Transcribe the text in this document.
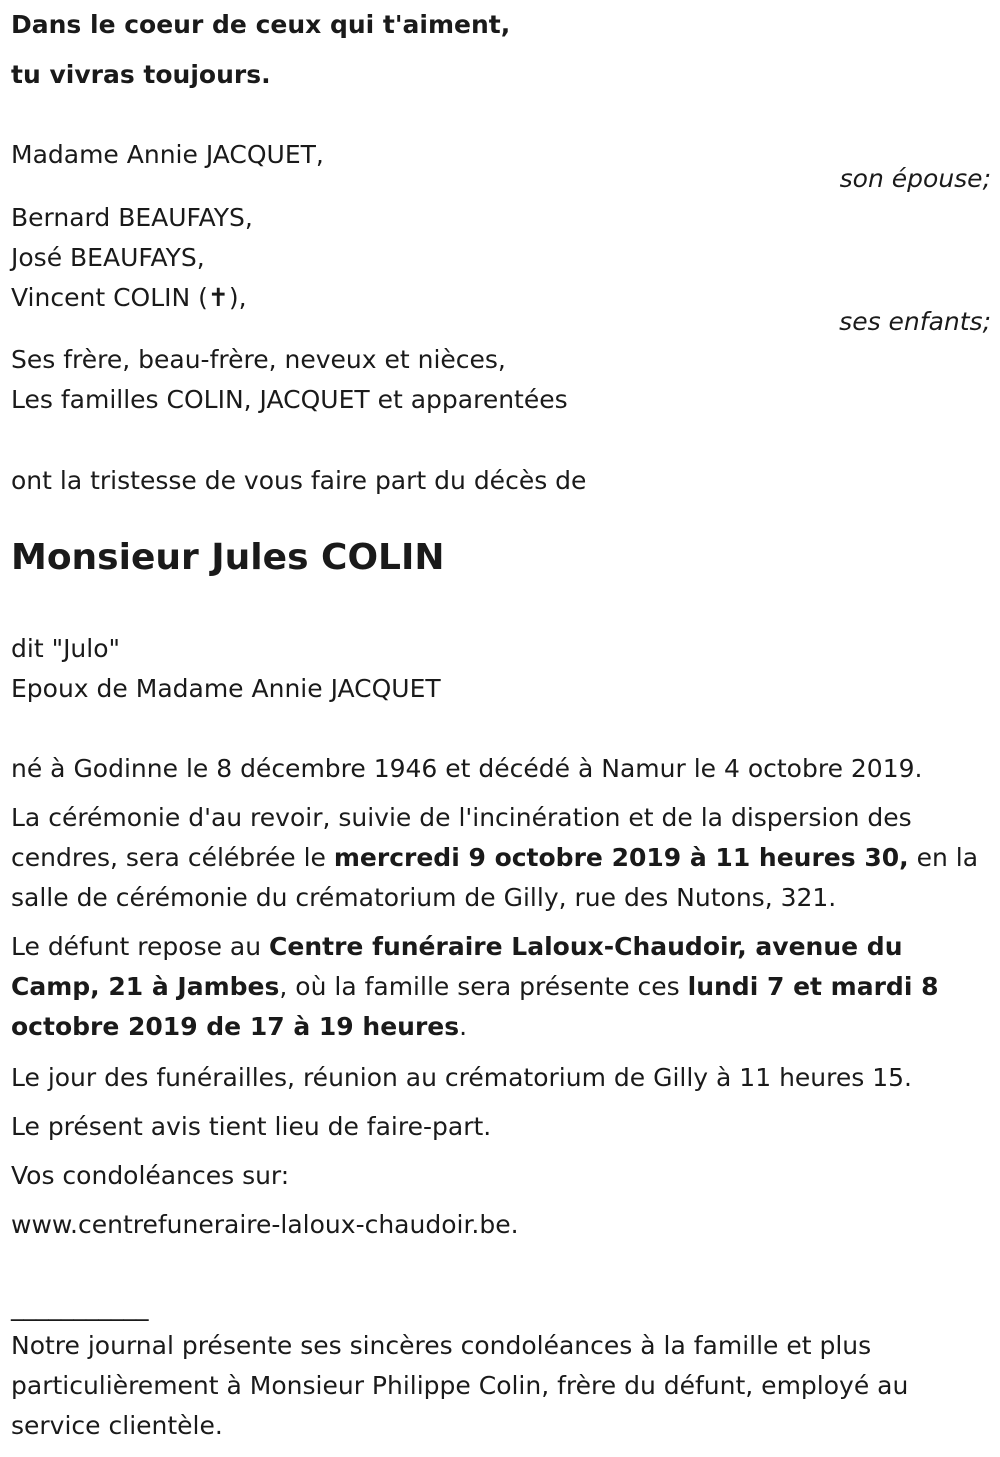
Dans le coeur de ceux qui t'aiment,
tu vivras toujours.
Madame Annie JACQUET,
son épouse;
Bernard BEAUFAYS,
José BEAUFAYS,
Vincent COLIN (✝),
ses enfants;
Ses frère, beau-frère, neveux et nièces,
Les familles COLIN, JACQUET et apparentées
ont la tristesse de vous faire part du décès de
Monsieur Jules COLIN
dit "Julo"
Epoux de Madame Annie JACQUET
né à Godinne le 8 décembre 1946 et décédé à Namur le 4 octobre 2019.
La cérémonie d'au revoir, suivie de l'incinération et de la dispersion des cendres, sera célébrée le mercredi 9 octobre 2019 à 11 heures 30, en la salle de cérémonie du crématorium de Gilly, rue des Nutons, 321.
Le défunt repose au Centre funéraire Laloux-Chaudoir, avenue du Camp, 21 à Jambes, où la famille sera présente ces lundi 7 et mardi 8 octobre 2019 de 17 à 19 heures.
Le jour des funérailles, réunion au crématorium de Gilly à 11 heures 15.
Le présent avis tient lieu de faire-part.
Vos condoléances sur:
www.centrefuneraire-laloux-chaudoir.be.
___________
Notre journal présente ses sincères condoléances à la famille et plus particulièrement à Monsieur Philippe Colin, frère du défunt, employé au service clientèle.
